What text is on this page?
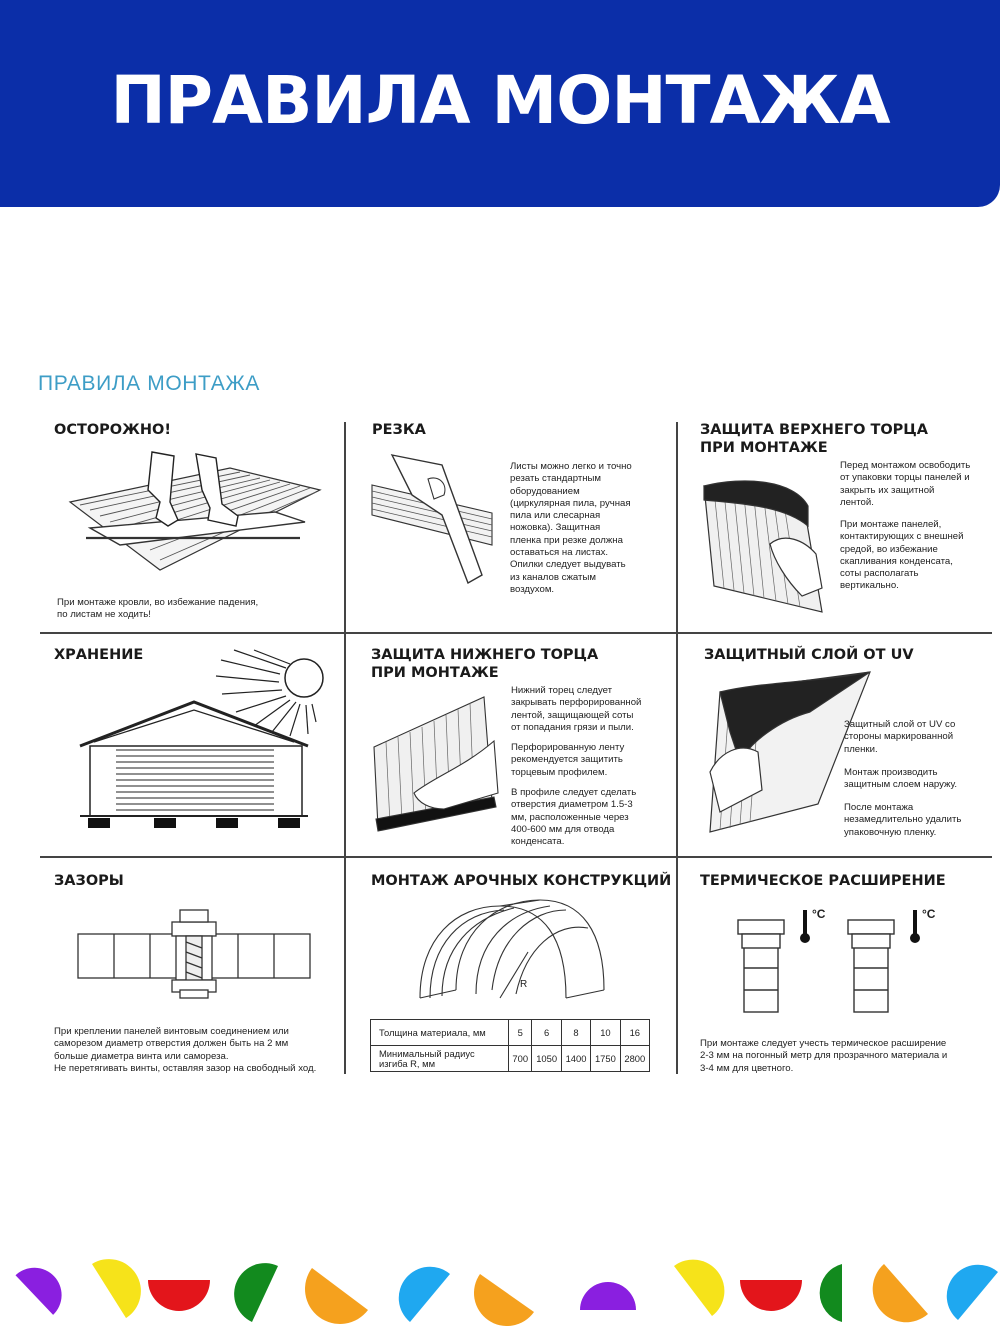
ПРАВИЛА МОНТАЖА
ПРАВИЛА МОНТАЖА
ОСТОРОЖНО!
При монтаже кровли, во избежание падения,
по листам не ходить!
РЕЗКА
Листы можно легко и точно
резать стандартным
оборудованием
(циркулярная пила, ручная
пила или слесарная
ножовка). Защитная
пленка при резке должна
оставаться на листах.
Опилки следует выдувать
из каналов сжатым
воздухом.
ЗАЩИТА ВЕРХНЕГО ТОРЦА
ПРИ МОНТАЖЕ
Перед монтажом освободить
от упаковки торцы панелей и
закрыть их защитной
лентой.
При монтаже панелей,
контактирующих с внешней
средой, во избежание
скапливания конденсата,
соты располагать
вертикально.
ХРАНЕНИЕ	ЗАЩИТА НИЖНЕГО ТОРЦА
ПРИ МОНТАЖЕ
Нижний торец следует
закрывать перфорированной
лентой, защищающей соты
от попадания грязи и пыли.
Перфорированную ленту
рекомендуется защитить
торцевым профилем.
В профиле следует сделать
отверстия диаметром 1.5-3
мм, расположенные через
400-600 мм для отвода
конденсата.
ЗАЩИТНЫЙ СЛОЙ ОТ UV
Защитный слой от UV со
стороны маркированной
пленки.
Монтаж производить
защитным слоем наружу.
После монтажа
незамедлительно удалить
упаковочную пленку.
ЗАЗОРЫ
При креплении панелей винтовым соединением или
саморезом диаметр отверстия должен быть на 2 мм
больше диаметра винта или самореза.
Не перетягивать винты, оставляя зазор на свободный ход.
МОНТАЖ АРОЧНЫХ КОНСТРУКЦИЙ
R
Толщина материала, мм	5	6	8	10	16
Минимальный радиус
изгиба R, мм	700	1050	1400	1750	2800
ТЕРМИЧЕСКОЕ РАСШИРЕНИЕ
°C	°C
При монтаже следует учесть термическое расширение
2-3 мм на погонный метр для прозрачного материала и
3-4 мм для цветного.
